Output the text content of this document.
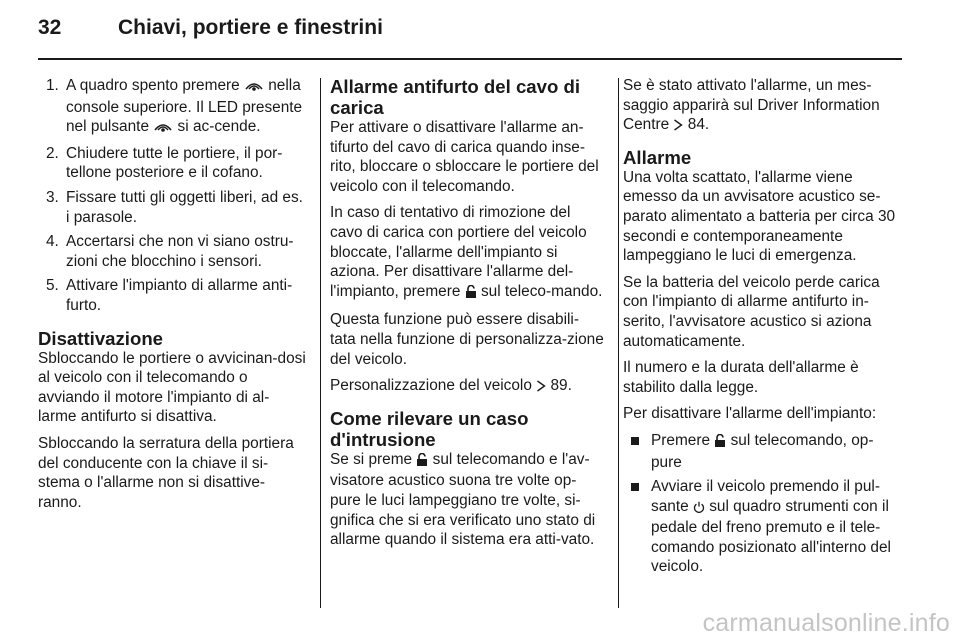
32	Chiavi, portiere e finestrini
1. A quadro spento premere  nella console superiore. Il LED presente nel pulsante  si ac-cende.
2. Chiudere tutte le portiere, il por-tellone posteriore e il cofano.
3. Fissare tutti gli oggetti liberi, ad es. i parasole.
4. Accertarsi che non vi siano ostru-zioni che blocchino i sensori.
5. Attivare l'impianto di allarme anti-furto.
Disattivazione

Sbloccando le portiere o avvicinan-dosi al veicolo con il telecomando o avviando il motore l'impianto di al-larme antifurto si disattiva.

Sbloccando la serratura della portiera del conducente con la chiave il si-stema o l'allarme non si disattive-ranno.

Allarme antifurto del cavo di carica

Per attivare o disattivare l'allarme an-tifurto del cavo di carica quando inse-rito, bloccare o sbloccare le portiere del veicolo con il telecomando.

In caso di tentativo di rimozione del cavo di carica con portiere del veicolo bloccate, l'allarme dell'impianto si aziona. Per disattivare l'allarme del-l'impianto, premere  sul teleco-mando.

Questa funzione può essere disabili-tata nella funzione di personalizza-zione del veicolo.

Personalizzazione del veicolo  89.

Come rilevare un caso d'intrusione

Se si preme  sul telecomando e l'av-visatore acustico suona tre volte op-pure le luci lampeggiano tre volte, si-gnifica che si era verificato uno stato di allarme quando il sistema era atti-vato.

Se è stato attivato l'allarme, un mes-saggio apparirà sul Driver Information Centre  84.

Allarme

Una volta scattato, l'allarme viene emesso da un avvisatore acustico se-parato alimentato a batteria per circa 30 secondi e contemporaneamente lampeggiano le luci di emergenza.

Se la batteria del veicolo perde carica con l'impianto di allarme antifurto in-serito, l'avvisatore acustico si aziona automaticamente.

Il numero e la durata dell'allarme è stabilito dalla legge.

Per disattivare l'allarme dell'impianto:

Premere  sul telecomando, op-pure
Avviare il veicolo premendo il pul-sante  sul quadro strumenti con il pedale del freno premuto e il tele-comando posizionato all'interno del veicolo.
carmanualsonline.info
